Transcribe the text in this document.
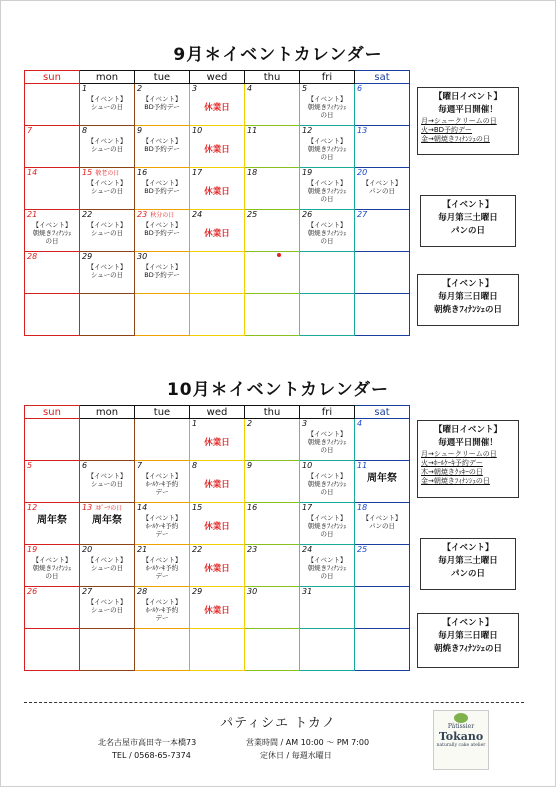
9月＊イベントカレンダー
sun	mon	tue	wed	thu	fri	sat

	1
【イベント】
シューの日	2
【イベント】
BD予約デー	3
休業日	4	5
【イベント】
朝焼きﾌｨﾅﾝｼｪ
の日	6

7	8
【イベント】
シューの日	9
【イベント】
BD予約デー	10
休業日	11	12
【イベント】
朝焼きﾌｨﾅﾝｼｪ
の日	13

14	15 敬老の日
【イベント】
シューの日	16
【イベント】
BD予約デー	17
休業日	18	19
【イベント】
朝焼きﾌｨﾅﾝｼｪ
の日	20
【イベント】
パンの日

21
【イベント】
朝焼きﾌｨﾅﾝｼｪ
の日	22
【イベント】
シューの日	23 秋分の日
【イベント】
BD予約デー	24
休業日	25	26
【イベント】
朝焼きﾌｨﾅﾝｼｪ
の日	27

28	29
【イベント】
シューの日	30
【イベント】
BD予約デー				

【曜日イベント】
毎週平日開催！
月→シュークリームの日
火→BD予約デー
金→朝焼きﾌｨﾅﾝｼｪの日
【イベント】
毎月第三土曜日
パンの日
【イベント】
毎月第三日曜日
朝焼きﾌｨﾅﾝｼｪの日
10月＊イベントカレンダー
sun	mon	tue	wed	thu	fri	sat

			1
休業日	2	3
【イベント】
朝焼きﾌｨﾅﾝｼｪ
の日	4

5	6
【イベント】
シューの日	7
【イベント】
ﾎｰﾙｹｰｷ予約
デー	8
休業日	9	10
【イベント】
朝焼きﾌｨﾅﾝｼｪ
の日	11
周年祭

12
周年祭	13 ｽﾎﾟｰﾂの日
周年祭	14
【イベント】
ﾎｰﾙｹｰｷ予約
デー	15
休業日	16	17
【イベント】
朝焼きﾌｨﾅﾝｼｪ
の日	18
【イベント】
パンの日

19
【イベント】
朝焼きﾌｨﾅﾝｼｪ
の日	20
【イベント】
シューの日	21
【イベント】
ﾎｰﾙｹｰｷ予約
デー	22
休業日	23	24
【イベント】
朝焼きﾌｨﾅﾝｼｪ
の日	25

26	27
【イベント】
シューの日	28
【イベント】
ﾎｰﾙｹｰｷ予約
デー	29
休業日	30	31	

【曜日イベント】
毎週平日開催！
月→シュークリームの日
火→ﾎｰﾙｹｰｷ予約デー
木→朝焼きｸｯｷｰの日
金→朝焼きﾌｨﾅﾝｼｪの日
【イベント】
毎月第三土曜日
パンの日
【イベント】
毎月第三日曜日
朝焼きﾌｨﾅﾝｼｪの日
パティシエ トカノ
北名古屋市高田寺一本橋73
TEL / 0568-65-7374
営業時間 / AM 10:00 ～ PM 7:00
定休日 / 毎週水曜日
Pâtissier
Tokano
naturally cake atelier
